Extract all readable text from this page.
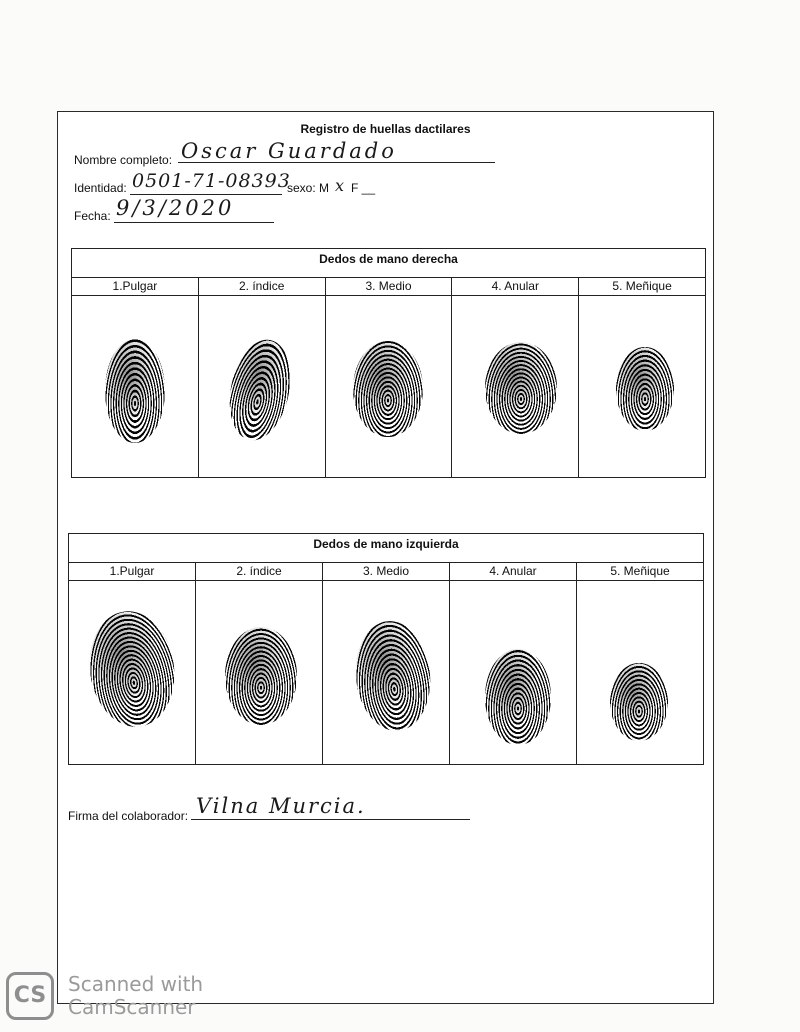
Registro de huellas dactilares
Nombre completo: Oscar Guardado
Identidad: 0501-71-08393
sexo: M x F __
Fecha: 9/3/2020
Dedos de mano derecha
1.Pulgar	2. índice	3. Medio	4. Anular	5. Meñique
Dedos de mano izquierda
1.Pulgar	2. índice	3. Medio	4. Anular	5. Meñique
Firma del colaborador: Vilna Murcia.
CS	Scanned with
CamScanner
